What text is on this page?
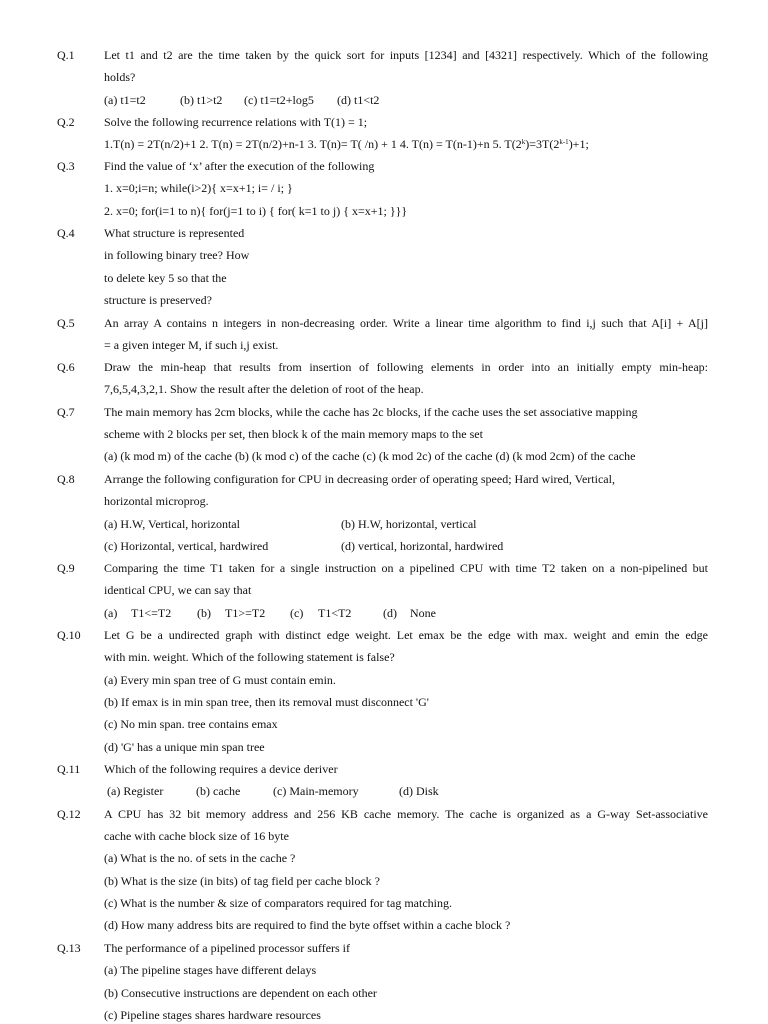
Q.1 Let t1 and t2 are the time taken by the quick sort for inputs [1234] and [4321] respectively. Which of the following
holds?
(a) t1=t2	(b) t1>t2 (c) t1=t2+log5 (d) t1<t2
Q.2 Solve the following recurrence relations with T(1) = 1;
1.T(n) = 2T(n/2)+1 2. T(n) = 2T(n/2)+n-1 3. T(n)= T( /n) + 1 4. T(n) = T(n-1)+n 5. $T(2^k)=3T(2^{k-1})+1$;
Q.3 Find the value of ‘x’ after the execution of the following
1. x=0;i=n; while(i>2){ x=x+1; i= / i; }
2. x=0; for(i=1 to n){ for(j=1 to i) { for( k=1 to j) { x=x+1; }}}
Q.4 What structure is represented
in following binary tree? How
to delete key 5 so that the
structure is preserved?
Q.5 An array A contains n integers in non-decreasing order. Write a linear time algorithm to find i,j such that A[i] + A[j]
= a given integer M, if such i,j exist.
Q.6 Draw the min-heap that results from insertion of following elements in order into an initially empty min-heap:
7,6,5,4,3,2,1. Show the result after the deletion of root of the heap.
Q.7 The main memory has 2cm blocks, while the cache has 2c blocks, if the cache uses the set associative mapping
scheme with 2 blocks per set, then block k of the main memory maps to the set
(a) (k mod m) of the cache (b) (k mod c) of the cache (c) (k mod 2c) of the cache (d) (k mod 2cm) of the cache
Q.8 Arrange the following configuration for CPU in decreasing order of operating speed; Hard wired, Vertical,
horizontal microprog.
(a) H.W, Vertical, horizontal	(b) H.W, horizontal, vertical
(c) Horizontal, vertical, hardwired	(d) vertical, horizontal, hardwired
Q.9 Comparing the time T1 taken for a single instruction on a pipelined CPU with time T2 taken on a non-pipelined but
identical CPU, we can say that
(a) T1<=T2 (b) T1>=T2 (c) T1<T2	(d) None
Q.10 Let G be a undirected graph with distinct edge weight. Let emax be the edge with max. weight and emin the edge
with min. weight. Which of the following statement is false?
(a) Every min span tree of G must contain emin.
(b) If emax is in min span tree, then its removal must disconnect 'G'
(c) No min span. tree contains emax
(d) 'G' has a unique min span tree
Q.11 Which of the following requires a device deriver
(a) Register	(b) cache	(c) Main-memory	(d) Disk
Q.12 A CPU has 32 bit memory address and 256 KB cache memory. The cache is organized as a G-way Set-associative
cache with cache block size of 16 byte
(a) What is the no. of sets in the cache ?
(b) What is the size (in bits) of tag field per cache block ?
(c) What is the number & size of comparators required for tag matching.
(d) How many address bits are required to find the byte offset within a cache block ?
Q.13 The performance of a pipelined processor suffers if
(a) The pipeline stages have different delays
(b) Consecutive instructions are dependent on each other
(c) Pipeline stages shares hardware resources
